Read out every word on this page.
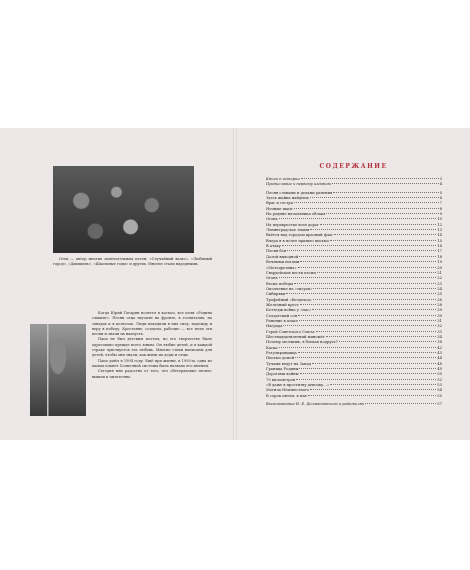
Отец — автор многих замечательных песен: «Случайный вальс», «Любимый город», «Дымшиль», «Школьные годы» и других. Многие стали народными.

Когда Юрий Гагарин полетел в космос, все пели «Родина слышит». Песни отца звучали на фронте, в госпиталях, на заводах и в колхозах. Люди находили в них силу, надежду и веру в победу. Крестьяне, солдаты, рабочие — все пели эти песни и знали их наизусть.

Папа не был детским поэтом, но его творчество было адресовано прежде всего юным. Он любил детей, и в каждой строке чувствуется эта любовь. Многие стихи написаны для детей, чтобы они знали, как жили их деды и отцы.

Папа ушёл в 1994 году. Ещё при жизни, в 1993-м, одна из малых планет Солнечной системы была названа его именем.

Сегодня мне радостно от того, что «Ветеранские песни» вышли к читателям.

СОДЕРЖАНИЕ
Книги о истории	3
Предисловие к первому изданию	4
Песня словами и делами ранения	5
Здесь жайка найдешь	6
Враг и сестра	7
Ночные шаги	8
На родине начальника облака	9
Огонь	10
На перекрестке всех дорог	12
Ленинградское знамя	13
Вьётся над городом красный флаг	14
Вчера я в почте пришло письмо	15
В атаку	16
Песня боя	17
Долой выходной	18
Вечными ногами	19
«Мотодрезина»	20
Гвардейские вести песни	21
Огонь	22
Весна победы	23
Ополчение на «тигров»	24
Сибиряки	25
Трофейный «Вездеход»	26
Железный крест	28
Коттедж война у «нас»	29
Солдатский сон	30
Ранение в атаке	31
Награда	32
Герой Советского Союза	33
Шестнадцатилетний миномёт	34
Почему молчишь, в боевая подруга?	38
Каска	42
Регулировщица	43
Письмо домой	44
Тучами ведут на Запад	48
Граница Родины	49
Дорогами войны	50
75 километров	52
«В даже в проститву девочку...»	53
Могила Неизвестного	54
В сорок пятом, в мае	55
Воспоминание Н. Е. Долматовского о родителях	57
